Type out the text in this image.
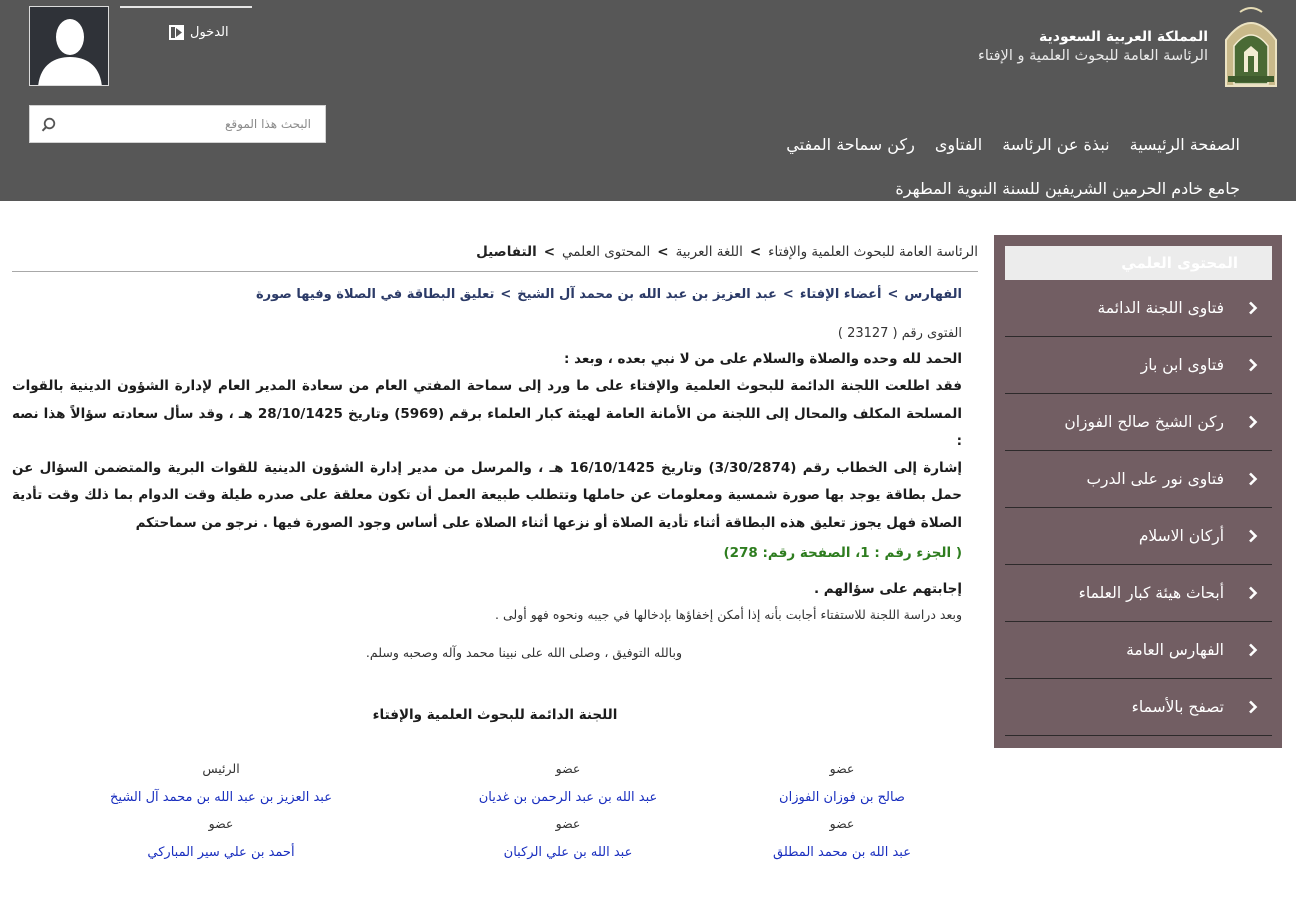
الدخول	المملكة العربية السعودية
الرئاسة العامة للبحوث العلمية و الإفتاء
البحث هذا الموقع
الصفحة الرئيسية
نبذة عن الرئاسة
الفتاوى
ركن سماحة المفتي
جامع خادم الحرمين الشريفين للسنة النبوية المطهرة
الرئاسة العامة للبحوث العلمية والإفتاء>اللغة العربية>المحتوى العلمي>التفاصيل
الفهارس>أعضاء الإفتاء>عبد العزيز بن عبد الله بن محمد آل الشيخ>تعليق البطاقة في الصلاة وفيها صورة
الفتوى رقم ( 23127 )
الحمد لله وحده والصلاة والسلام على من لا نبي بعده ، وبعد :
فقد اطلعت اللجنة الدائمة للبحوث العلمية والإفتاء على ما ورد إلى سماحة المفتي العام من سعادة المدير العام لإدارة الشؤون الدينية بالقوات المسلحة المكلف والمحال إلى اللجنة من الأمانة العامة لهيئة كبار العلماء برقم (5969) وتاريخ 28/10/1425 هـ ، وقد سأل سعادته سؤالاً هذا نصه :
إشارة إلى الخطاب رقم (3/30/2874) وتاريخ 16/10/1425 هـ ، والمرسل من مدير إدارة الشؤون الدينية للقوات البرية والمتضمن السؤال عن حمل بطاقة يوجد بها صورة شمسية ومعلومات عن حاملها وتتطلب طبيعة العمل أن تكون معلقة على صدره طيلة وقت الدوام بما ذلك وقت تأدية الصلاة فهل يجوز تعليق هذه البطاقة أثناء تأدية الصلاة أو نزعها أثناء الصلاة على أساس وجود الصورة فيها . نرجو من سماحتكم
( الجزء رقم : 1، الصفحة رقم: 278)
إجابتهم على سؤالهم .
وبعد دراسة اللجنة للاستفتاء أجابت بأنه إذا أمكن إخفاؤها بإدخالها في جيبه ونحوه فهو أولى .
وبالله التوفيق ، وصلى الله على نبينا محمد وآله وصحبه وسلم.
اللجنة الدائمة للبحوث العلمية والإفتاء
الرئيس
عبد العزيز بن عبد الله بن محمد آل الشيخ
عضو
عبد الله بن عبد الرحمن بن غديان
عضو
صالح بن فوزان الفوزان
عضو
أحمد بن علي سير المباركي
عضو
عبد الله بن علي الركبان
عضو
عبد الله بن محمد المطلق
المحتوى العلمي
فتاوى اللجنة الدائمة
فتاوى ابن باز
ركن الشيخ صالح الفوزان
فتاوى نور على الدرب
أركان الاسلام
أبحاث هيئة كبار العلماء
الفهارس العامة
تصفح بالأسماء
